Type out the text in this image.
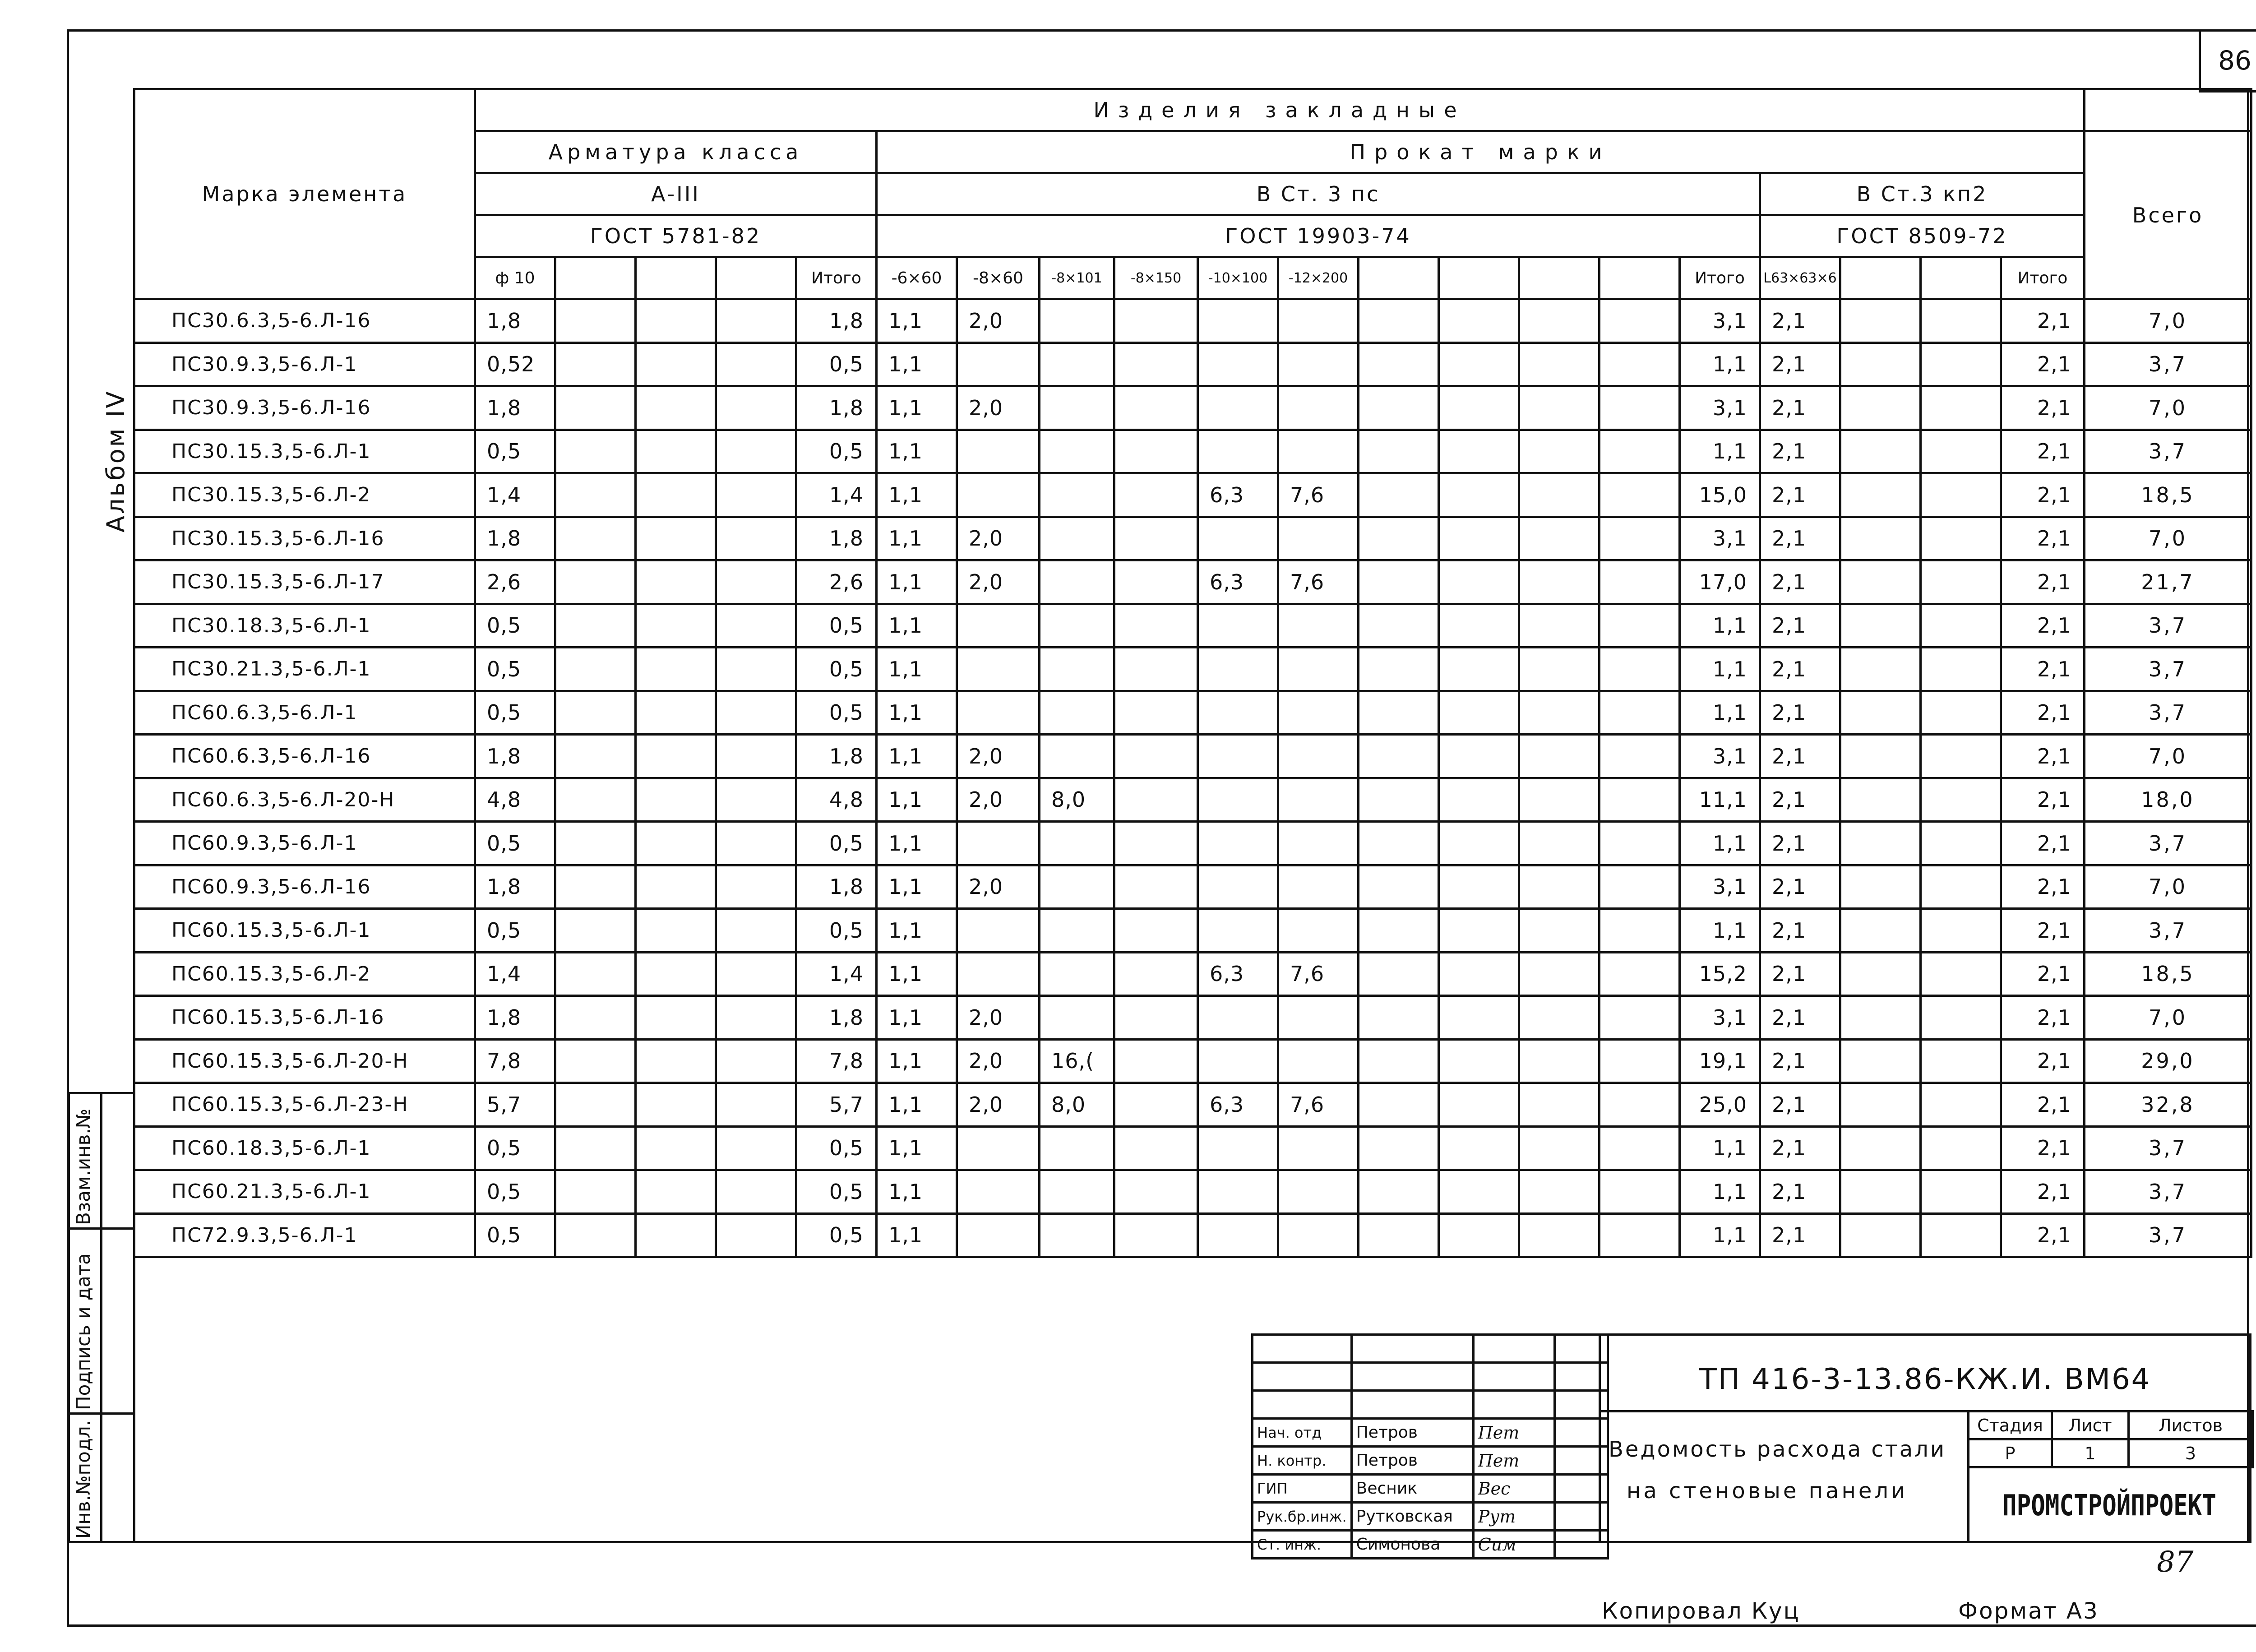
86
Альбом IV
Взам.инв.№
Подпись и дата
Инв.№подл.
Марка элемента	Изделия закладные																				
	Арматура класса					Прокат марки															Всего
	А-III					В Ст. 3 пс											В Ст.3 кп2				
	ГОСТ 5781-82					ГОСТ 19903-74											ГОСТ 8509-72				
	ф 10				Итого	-6×60	-8×60	-8×101	-8×150	-10×100	-12×200					Итого	L63×63×6			Итого	
ПС30.6.3,5-6.Л-16	1,8				1,8	1,1	2,0									3,1	2,1			2,1	7,0
ПС30.9.3,5-6.Л-1	0,52				0,5	1,1										1,1	2,1			2,1	3,7
ПС30.9.3,5-6.Л-16	1,8				1,8	1,1	2,0									3,1	2,1			2,1	7,0
ПС30.15.3,5-6.Л-1	0,5				0,5	1,1										1,1	2,1			2,1	3,7
ПС30.15.3,5-6.Л-2	1,4				1,4	1,1				6,3	7,6					15,0	2,1			2,1	18,5
ПС30.15.3,5-6.Л-16	1,8				1,8	1,1	2,0									3,1	2,1			2,1	7,0
ПС30.15.3,5-6.Л-17	2,6				2,6	1,1	2,0			6,3	7,6					17,0	2,1			2,1	21,7
ПС30.18.3,5-6.Л-1	0,5				0,5	1,1										1,1	2,1			2,1	3,7
ПС30.21.3,5-6.Л-1	0,5				0,5	1,1										1,1	2,1			2,1	3,7
ПС60.6.3,5-6.Л-1	0,5				0,5	1,1										1,1	2,1			2,1	3,7
ПС60.6.3,5-6.Л-16	1,8				1,8	1,1	2,0									3,1	2,1			2,1	7,0
ПС60.6.3,5-6.Л-20-Н	4,8				4,8	1,1	2,0	8,0								11,1	2,1			2,1	18,0
ПС60.9.3,5-6.Л-1	0,5				0,5	1,1										1,1	2,1			2,1	3,7
ПС60.9.3,5-6.Л-16	1,8				1,8	1,1	2,0									3,1	2,1			2,1	7,0
ПС60.15.3,5-6.Л-1	0,5				0,5	1,1										1,1	2,1			2,1	3,7
ПС60.15.3,5-6.Л-2	1,4				1,4	1,1				6,3	7,6					15,2	2,1			2,1	18,5
ПС60.15.3,5-6.Л-16	1,8				1,8	1,1	2,0									3,1	2,1			2,1	7,0
ПС60.15.3,5-6.Л-20-Н	7,8				7,8	1,1	2,0	16,(								19,1	2,1			2,1	29,0
ПС60.15.3,5-6.Л-23-Н	5,7				5,7	1,1	2,0	8,0		6,3	7,6					25,0	2,1			2,1	32,8
ПС60.18.3,5-6.Л-1	0,5				0,5	1,1										1,1	2,1			2,1	3,7
ПС60.21.3,5-6.Л-1	0,5				0,5	1,1										1,1	2,1			2,1	3,7
ПС72.9.3,5-6.Л-1	0,5				0,5	1,1										1,1	2,1			2,1	3,7

Нач. отд	Петров	Пет	
Н. контр.	Петров	Пет	
ГИП	Весник	Вес	
Рук.бр.инж.	Рутковская	Рут	
Ст. инж.	Симонова	Сим	
ТП 416-3-13.86-КЖ.И. ВМ64
Ведомость расхода стали
на стеновые панели
Стадия	Лист	Листов
Р	1	3
ПРОМСТРОЙПРОЕКТ
87
Копировал Куц	Формат А3
